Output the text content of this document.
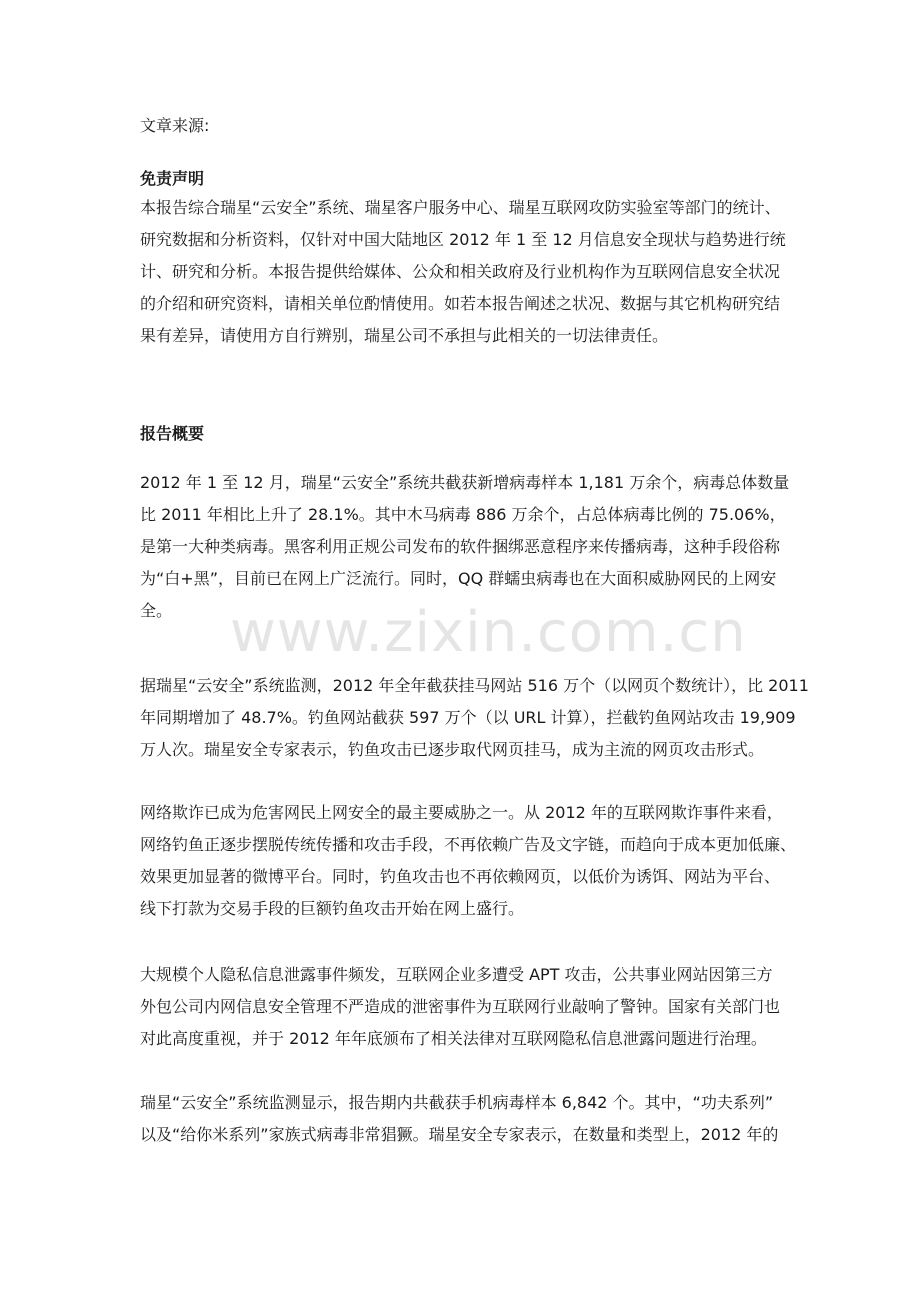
文章来源:

免责声明

本报告综合瑞星“云安全”系统、瑞星客户服务中心、瑞星互联网攻防实验室等部门的统计、

研究数据和分析资料，仅针对中国大陆地区 2012 年 1 至 12 月信息安全现状与趋势进行统

计、研究和分析。本报告提供给媒体、公众和相关政府及行业机构作为互联网信息安全状况

的介绍和研究资料，请相关单位酌情使用。如若本报告阐述之状况、数据与其它机构研究结

果有差异，请使用方自行辨别，瑞星公司不承担与此相关的一切法律责任。

报告概要

2012 年 1 至 12 月，瑞星“云安全”系统共截获新增病毒样本 1,181 万余个，病毒总体数量

比 2011 年相比上升了 28.1%。其中木马病毒 886 万余个，占总体病毒比例的 75.06%，

是第一大种类病毒。黑客利用正规公司发布的软件捆绑恶意程序来传播病毒，这种手段俗称

为“白+黑”，目前已在网上广泛流行。同时，QQ 群蠕虫病毒也在大面积威胁网民的上网安

全。

据瑞星“云安全”系统监测，2012 年全年截获挂马网站 516 万个（以网页个数统计），比 2011

年同期增加了 48.7%。钓鱼网站截获 597 万个（以 URL 计算），拦截钓鱼网站攻击 19,909

万人次。瑞星安全专家表示，钓鱼攻击已逐步取代网页挂马，成为主流的网页攻击形式。

网络欺诈已成为危害网民上网安全的最主要威胁之一。从 2012 年的互联网欺诈事件来看，

网络钓鱼正逐步摆脱传统传播和攻击手段，不再依赖广告及文字链，而趋向于成本更加低廉、

效果更加显著的微博平台。同时，钓鱼攻击也不再依赖网页，以低价为诱饵、网站为平台、

线下打款为交易手段的巨额钓鱼攻击开始在网上盛行。

大规模个人隐私信息泄露事件频发，互联网企业多遭受 APT 攻击，公共事业网站因第三方

外包公司内网信息安全管理不严造成的泄密事件为互联网行业敲响了警钟。国家有关部门也

对此高度重视，并于 2012 年年底颁布了相关法律对互联网隐私信息泄露问题进行治理。

瑞星“云安全”系统监测显示，报告期内共截获手机病毒样本 6,842 个。其中，“功夫系列”

以及“给你米系列”家族式病毒非常猖獗。瑞星安全专家表示，在数量和类型上，2012 年的

www.zixin.com.cn
